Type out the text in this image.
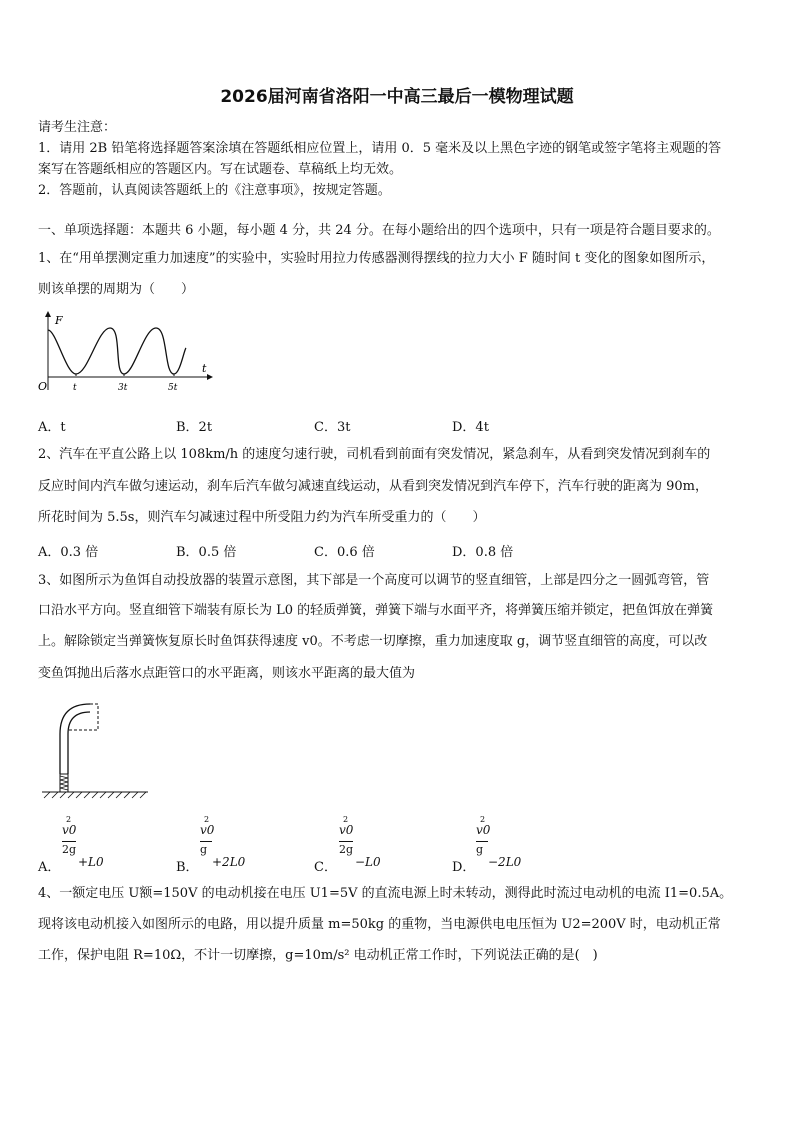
2026届河南省洛阳一中高三最后一模物理试题
请考生注意：
1．请用 2B 铅笔将选择题答案涂填在答题纸相应位置上，请用 0．5 毫米及以上黑色字迹的钢笔或签字笔将主观题的答
案写在答题纸相应的答题区内。写在试题卷、草稿纸上均无效。
2．答题前，认真阅读答题纸上的《注意事项》，按规定答题。
一、单项选择题：本题共 6 小题，每小题 4 分，共 24 分。在每小题给出的四个选项中，只有一项是符合题目要求的。
1、在“用单摆测定重力加速度”的实验中，实验时用拉力传感器测得摆线的拉力大小 F 随时间 t 变化的图象如图所示，
则该单摆的周期为（　　）
F
t
O	t	3t	5t
A．t	B．2t	C．3t	D．4t
2、汽车在平直公路上以 108km/h 的速度匀速行驶，司机看到前面有突发情况，紧急刹车，从看到突发情况到刹车的
反应时间内汽车做匀速运动，刹车后汽车做匀减速直线运动，从看到突发情况到汽车停下，汽车行驶的距离为 90m，
所花时间为 5.5s，则汽车匀减速过程中所受阻力约为汽车所受重力的（　　）
A．0.3 倍	B．0.5 倍	C．0.6 倍	D．0.8 倍
3、如图所示为鱼饵自动投放器的装置示意图，其下部是一个高度可以调节的竖直细管，上部是四分之一圆弧弯管，管
口沿水平方向。竖直细管下端装有原长为 L0 的轻质弹簧，弹簧下端与水面平齐，将弹簧压缩并锁定，把鱼饵放在弹簧
上。解除锁定当弹簧恢复原长时鱼饵获得速度 v0。不考虑一切摩擦，重力加速度取 g，调节竖直细管的高度，可以改
变鱼饵抛出后落水点距管口的水平距离，则该水平距离的最大值为
A．
v0
2
2g
+L0	B．
v0
2
g
+2L0	C．
v0
2
2g
−L0	D．
v0
2
g
−2L0
4、一额定电压 U额=150V 的电动机接在电压 U1=5V 的直流电源上时未转动，测得此时流过电动机的电流 I1=0.5A。
现将该电动机接入如图所示的电路，用以提升质量 m=50kg 的重物，当电源供电电压恒为 U2=200V 时，电动机正常
工作，保护电阻 R=10Ω，不计一切摩擦，g=10m/s² 电动机正常工作时，下列说法正确的是(　)
